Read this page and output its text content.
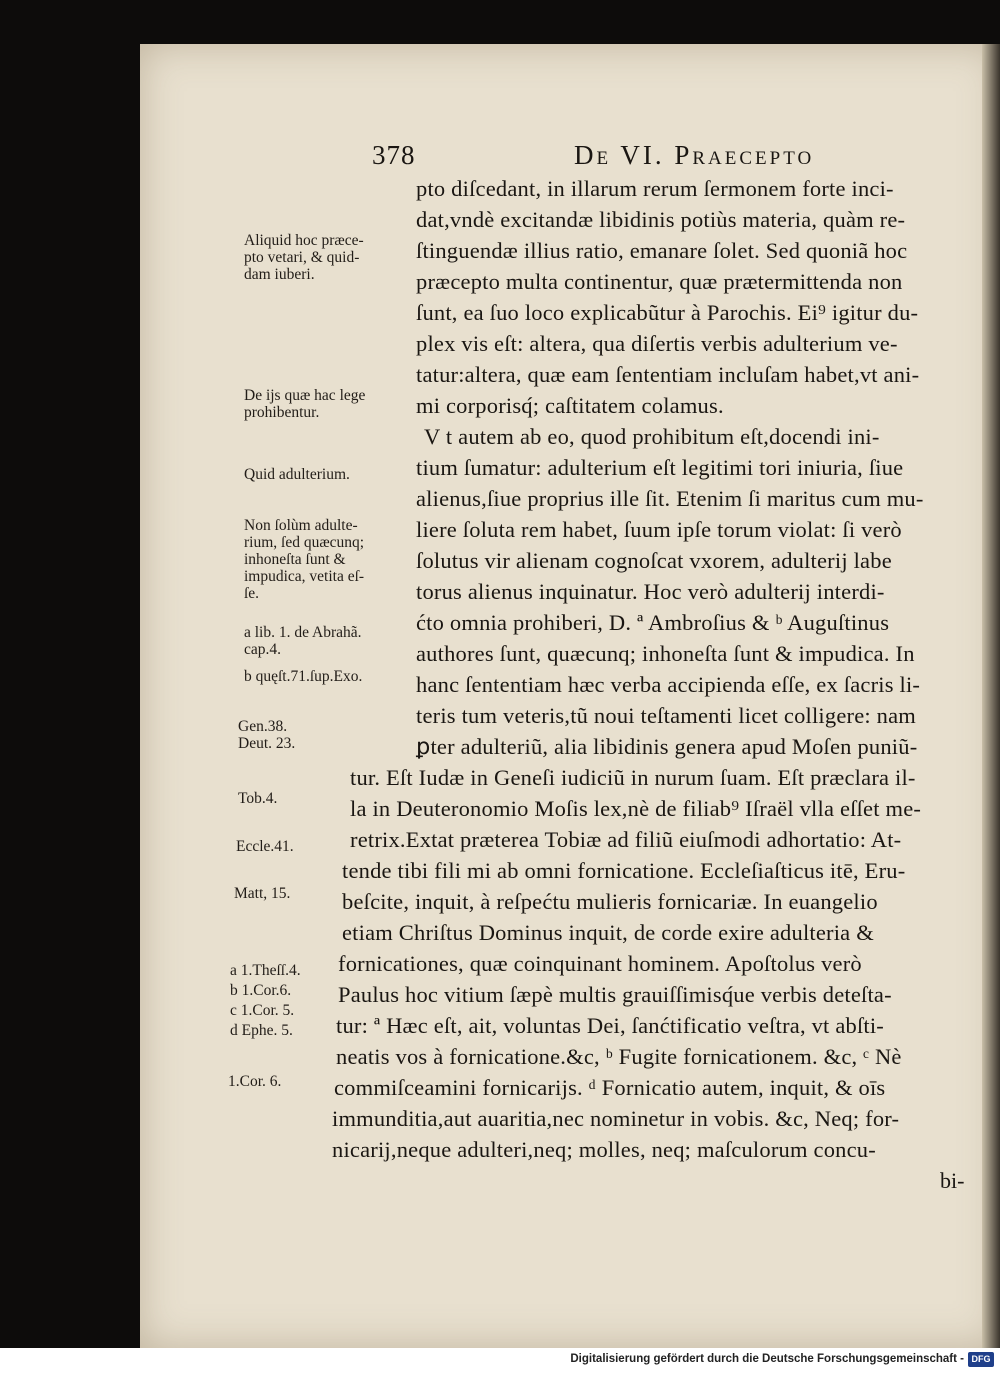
378	De VI. Praecepto
pto diſcedant, in illarum rerum ſermonem forte inci-
dat,vndè excitandæ libidinis potiùs materia, quàm re-
ſtinguendæ illius ratio, emanare ſolet. Sed quoniã hoc
præcepto multa continentur, quæ prætermittenda non
ſunt, ea ſuo loco explicabũtur à Parochis. Ei⁹ igitur du-
plex vis eſt: altera, qua diſertis verbis adulterium ve-
tatur:altera, quæ eam ſententiam incluſam habet,vt ani-
mi corporisq́; caſtitatem colamus.
V t autem ab eo, quod prohibitum eſt,docendi ini-
tium ſumatur: adulterium eſt legitimi tori iniuria, ſiue
alienus,ſiue proprius ille ſit. Etenim ſi maritus cum mu-
liere ſoluta rem habet, ſuum ipſe torum violat: ſi verò
ſolutus vir alienam cognoſcat vxorem, adulterij labe
torus alienus inquinatur. Hoc verò adulterij interdi-
ćto omnia prohiberi, D. ª Ambroſius & ᵇ Auguſtinus
authores ſunt, quæcunq; inhoneſta ſunt & impudica. In
hanc ſententiam hæc verba accipienda eſſe, ex ſacris li-
teris tum veteris,tũ noui teſtamenti licet colligere: nam
ꝑter adulteriũ, alia libidinis genera apud Moſen puniũ-
tur. Eſt Iudæ in Geneſi iudiciũ in nurum ſuam. Eſt præclara il-
la in Deuteronomio Moſis lex,nè de filiab⁹ Iſraël vlla eſſet me-
retrix.Extat præterea Tobiæ ad filiũ eiuſmodi adhortatio: At-
tende tibi fili mi ab omni fornicatione. Eccleſiaſticus itē, Eru-
beſcite, inquit, à reſpećtu mulieris fornicariæ. In euangelio
etiam Chriſtus Dominus inquit, de corde exire adulteria &
fornicationes, quæ coinquinant hominem. Apoſtolus verò
Paulus hoc vitium ſæpè multis grauiſſimisq́ue verbis deteſta-
tur: ª Hæc eſt, ait, voluntas Dei, ſanćtificatio veſtra, vt abſti-
neatis vos à fornicatione.&c, ᵇ Fugite fornicationem. &c, ᶜ Nè
commiſceamini fornicarijs. ᵈ Fornicatio autem, inquit, & oīs
immunditia,aut auaritia,nec nominetur in vobis. &c, Neq; for-
nicarij,neque adulteri,neq; molles, neq; maſculorum concu-
bi-
Aliquid hoc præce-
pto vetari, & quid-
dam iuberi.
De ijs quæ hac lege
prohibentur.
Quid adulterium.
Non ſolùm adulte-
rium, ſed quæcunq;
inhoneſta ſunt &
impudica, vetita eſ-
ſe.
a lib. 1. de Abrahã.
cap.4.
b quęſt.71.ſup.Exo.
Gen.38.
Deut. 23.
Tob.4.
Eccle.41.
Matt, 15.
a 1.Theſſ.4.
b 1.Cor.6.
c 1.Cor. 5.
d Ephe. 5.
1.Cor. 6.
Digitalisierung gefördert durch die Deutsche Forschungsgemeinschaft - DFG
